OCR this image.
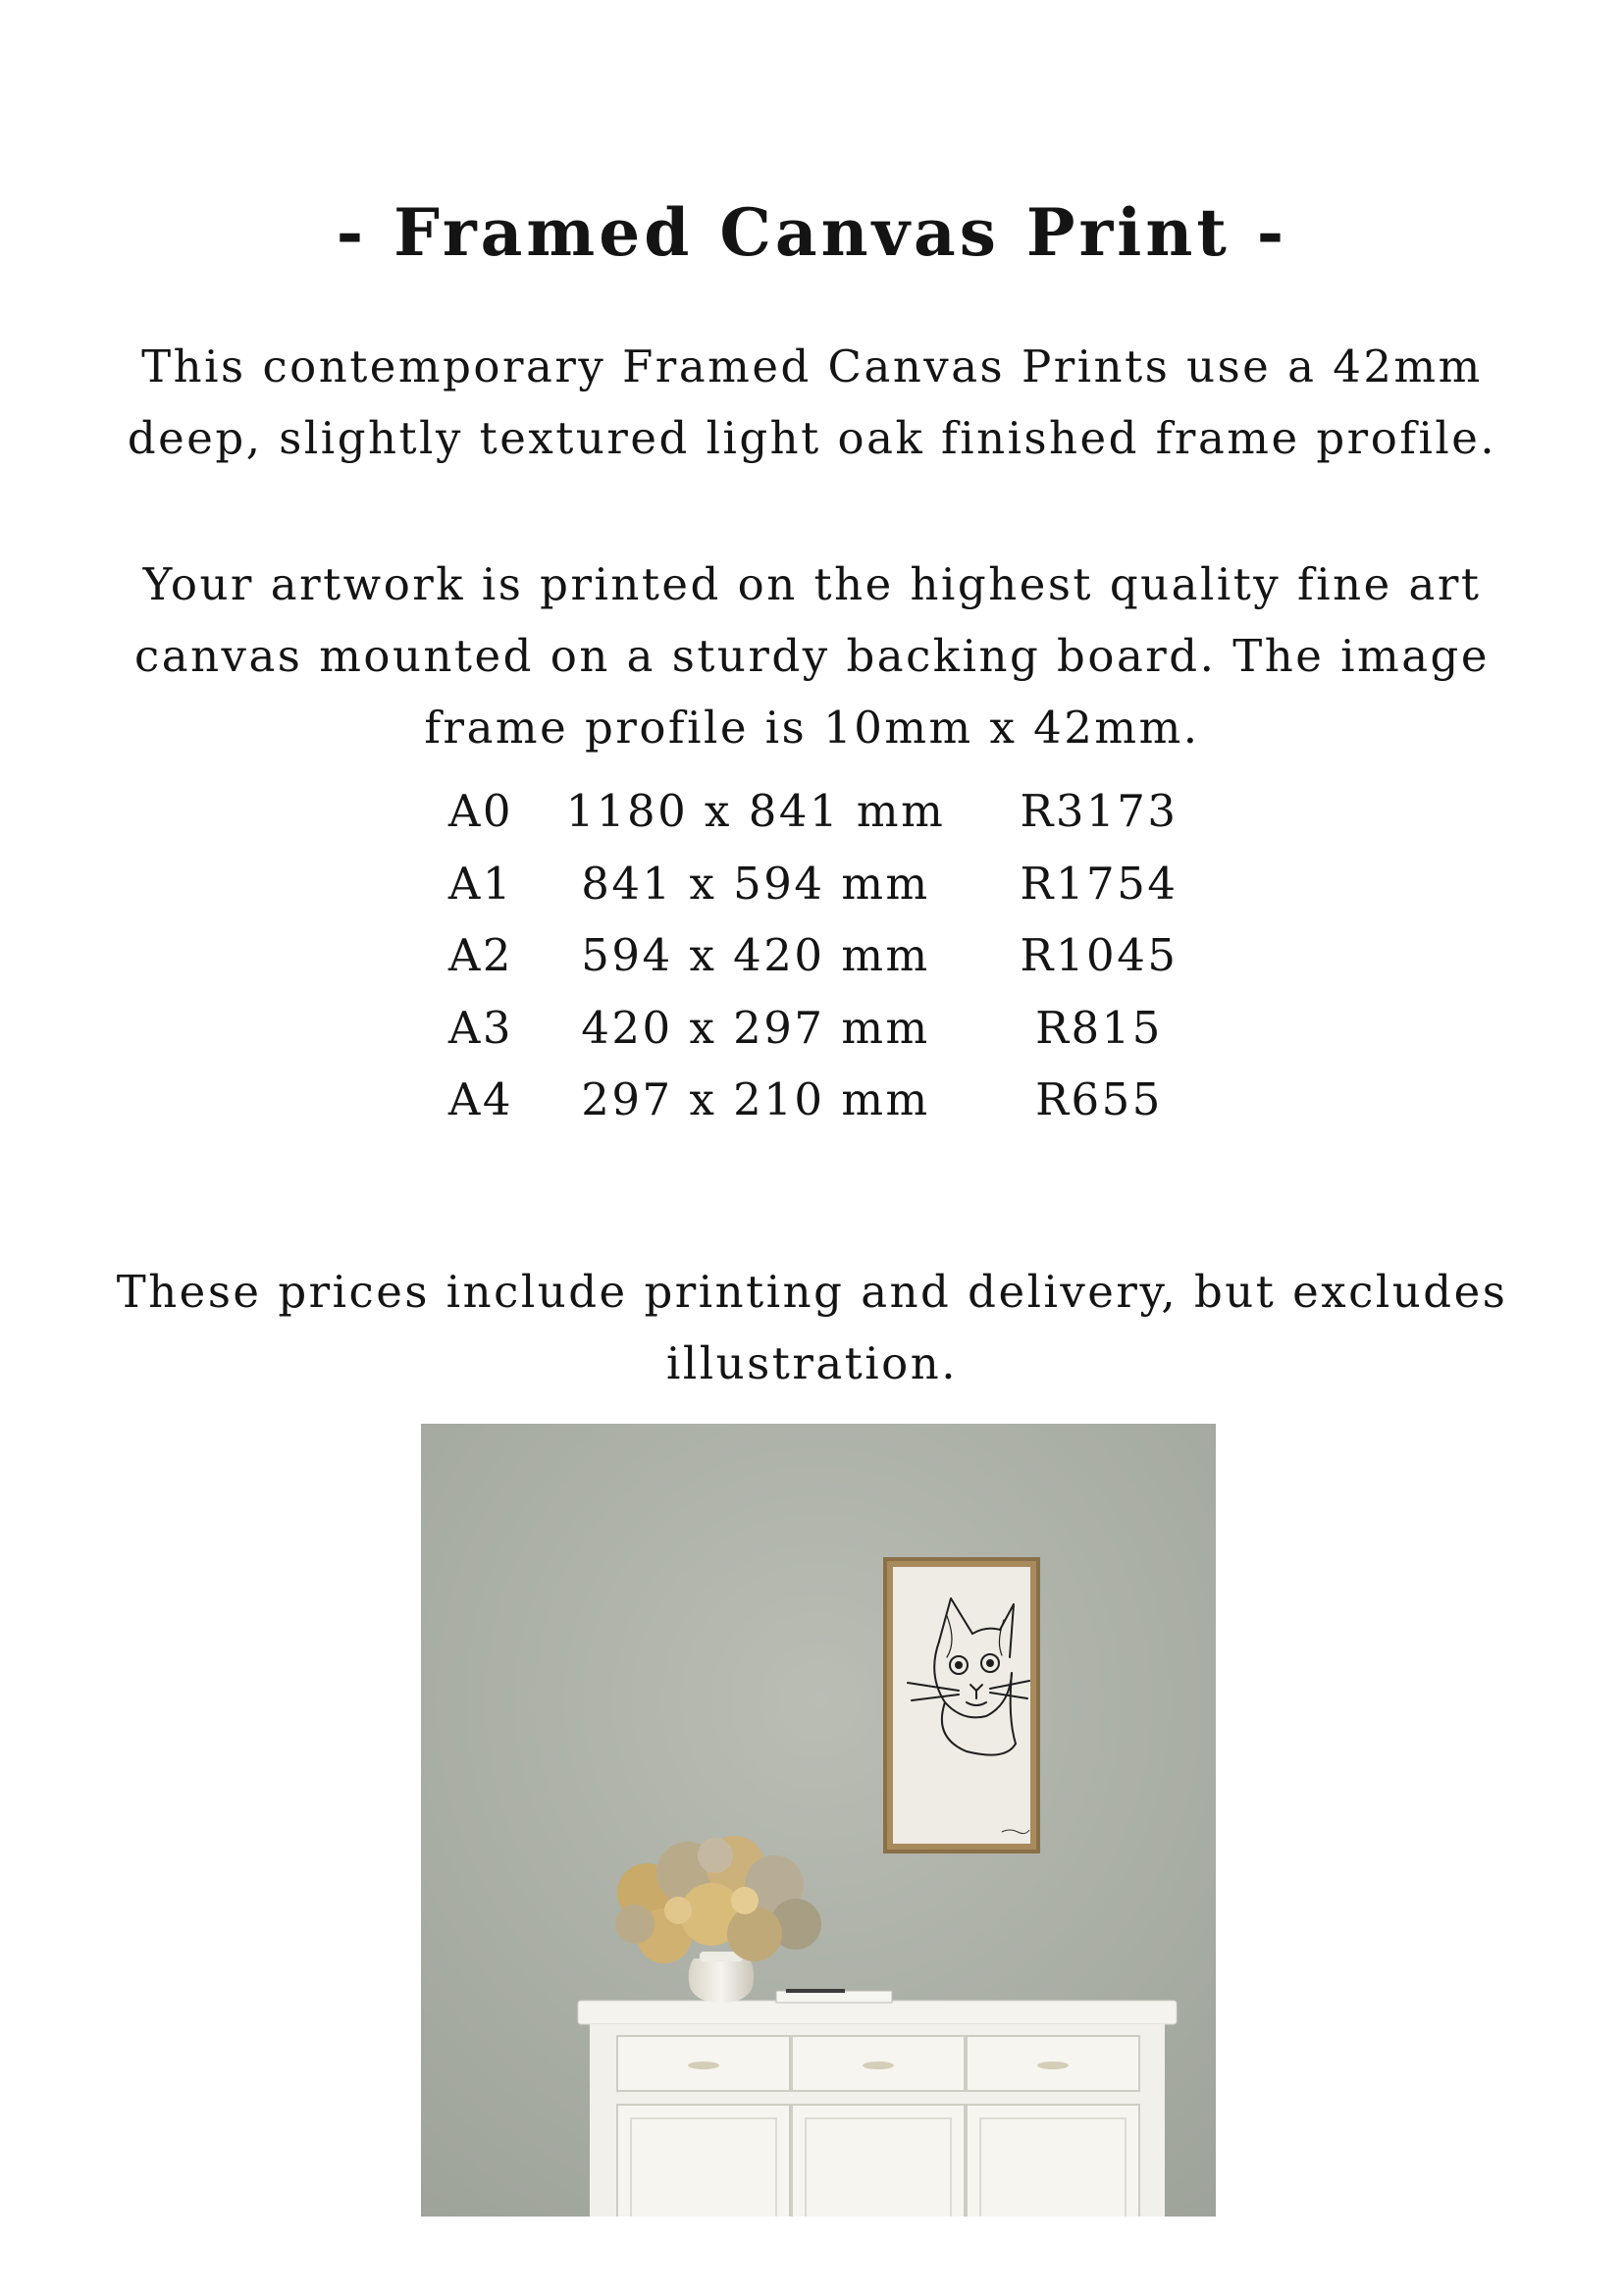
- Framed Canvas Print -

This contemporary Framed Canvas Prints use a 42mm deep, slightly textured light oak finished frame profile.

Your artwork is printed on the highest quality fine art canvas mounted on a sturdy backing board. The image frame profile is 10mm x 42mm.

A0	1180 x 841 mm	R3173
A1	841 x 594 mm	R1754
A2	594 x 420 mm	R1045
A3	420 x 297 mm	R815
A4	297 x 210 mm	R655

These prices include printing and delivery, but excludes illustration.
